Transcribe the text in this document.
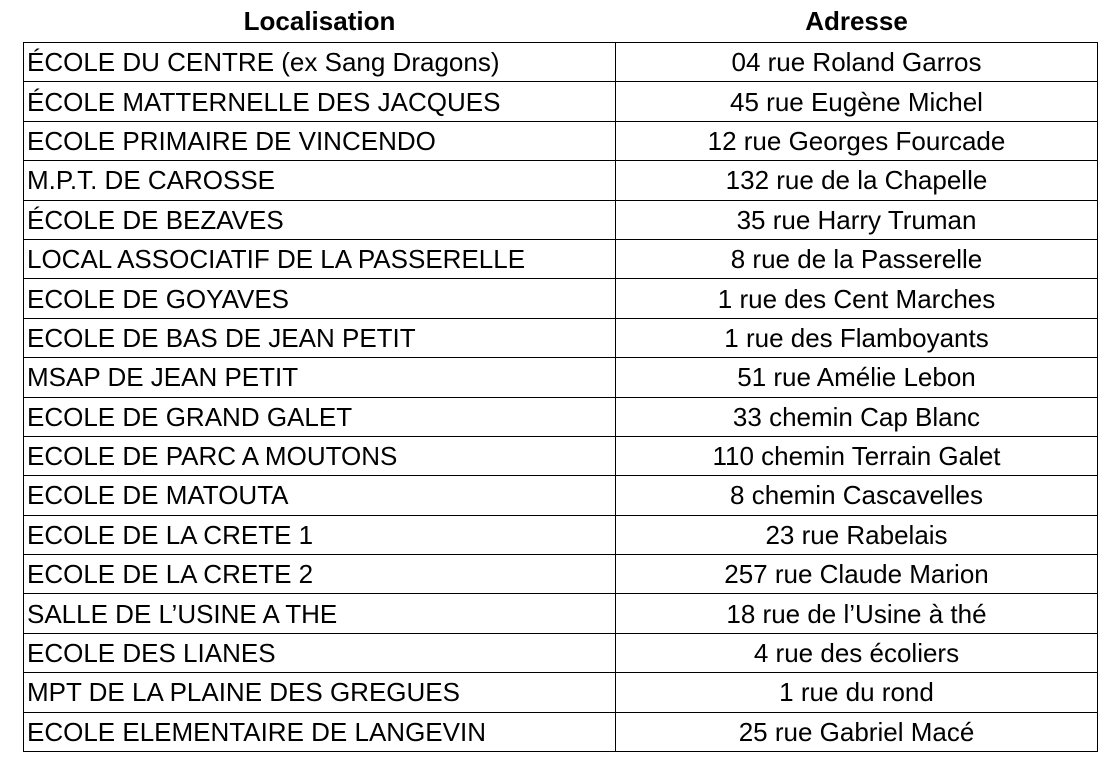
Localisation	Adresse
ÉCOLE DU CENTRE (ex Sang Dragons)	04 rue Roland Garros
ÉCOLE MATTERNELLE DES JACQUES	45 rue Eugène Michel
ECOLE PRIMAIRE DE VINCENDO	12 rue Georges Fourcade
M.P.T. DE CAROSSE	132 rue de la Chapelle
ÉCOLE DE BEZAVES	35 rue Harry Truman
LOCAL ASSOCIATIF DE LA PASSERELLE	8 rue de la Passerelle
ECOLE DE GOYAVES	1 rue des Cent Marches
ECOLE DE BAS DE JEAN PETIT	1 rue des Flamboyants
MSAP DE JEAN PETIT	51 rue Amélie Lebon
ECOLE DE GRAND GALET	33 chemin Cap Blanc
ECOLE DE PARC A MOUTONS	110 chemin Terrain Galet
ECOLE DE MATOUTA	8 chemin Cascavelles
ECOLE DE LA CRETE 1	23 rue Rabelais
ECOLE DE LA CRETE 2	257 rue Claude Marion
SALLE DE L’USINE A THE	18 rue de l’Usine à thé
ECOLE DES LIANES	4 rue des écoliers
MPT DE LA PLAINE DES GREGUES	1 rue du rond
ECOLE ELEMENTAIRE DE LANGEVIN	25 rue Gabriel Macé
